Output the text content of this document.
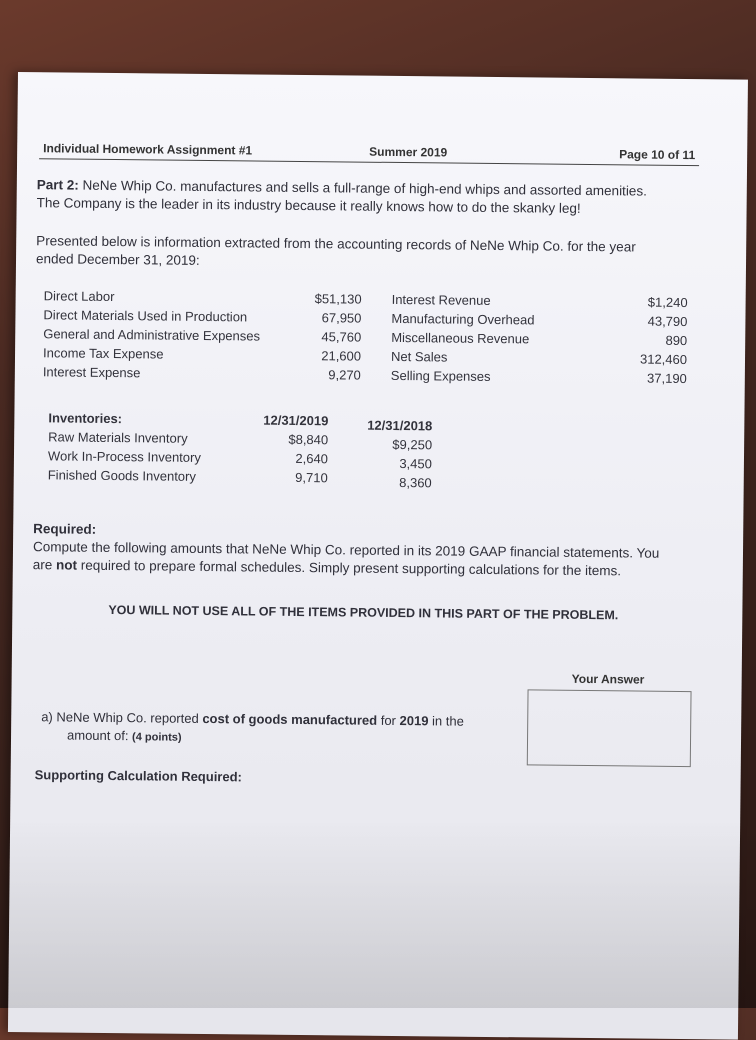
Individual Homework Assignment #1	Summer 2019	Page 10 of 11
Part 2: NeNe Whip Co. manufactures and sells a full-range of high-end whips and assorted amenities.
The Company is the leader in its industry because it really knows how to do the skanky leg!
Presented below is information extracted from the accounting records of NeNe Whip Co. for the year
ended December 31, 2019:
Direct Labor
Direct Materials Used in Production
General and Administrative Expenses
Income Tax Expense
Interest Expense
$51,130
67,950
45,760
21,600
9,270
Interest Revenue
Manufacturing Overhead
Miscellaneous Revenue
Net Sales
Selling Expenses
$1,240
43,790
890
312,460
37,190
Inventories:
Raw Materials Inventory
Work In-Process Inventory
Finished Goods Inventory
12/31/2019
$8,840
2,640
9,710
12/31/2018
$9,250
3,450
8,360
Required:
Compute the following amounts that NeNe Whip Co. reported in its 2019 GAAP financial statements. You
are not required to prepare formal schedules. Simply present supporting calculations for the items.
YOU WILL NOT USE ALL OF THE ITEMS PROVIDED IN THIS PART OF THE PROBLEM.
Your Answer
a) NeNe Whip Co. reported cost of goods manufactured for 2019 in the
amount of: (4 points)
Supporting Calculation Required:
